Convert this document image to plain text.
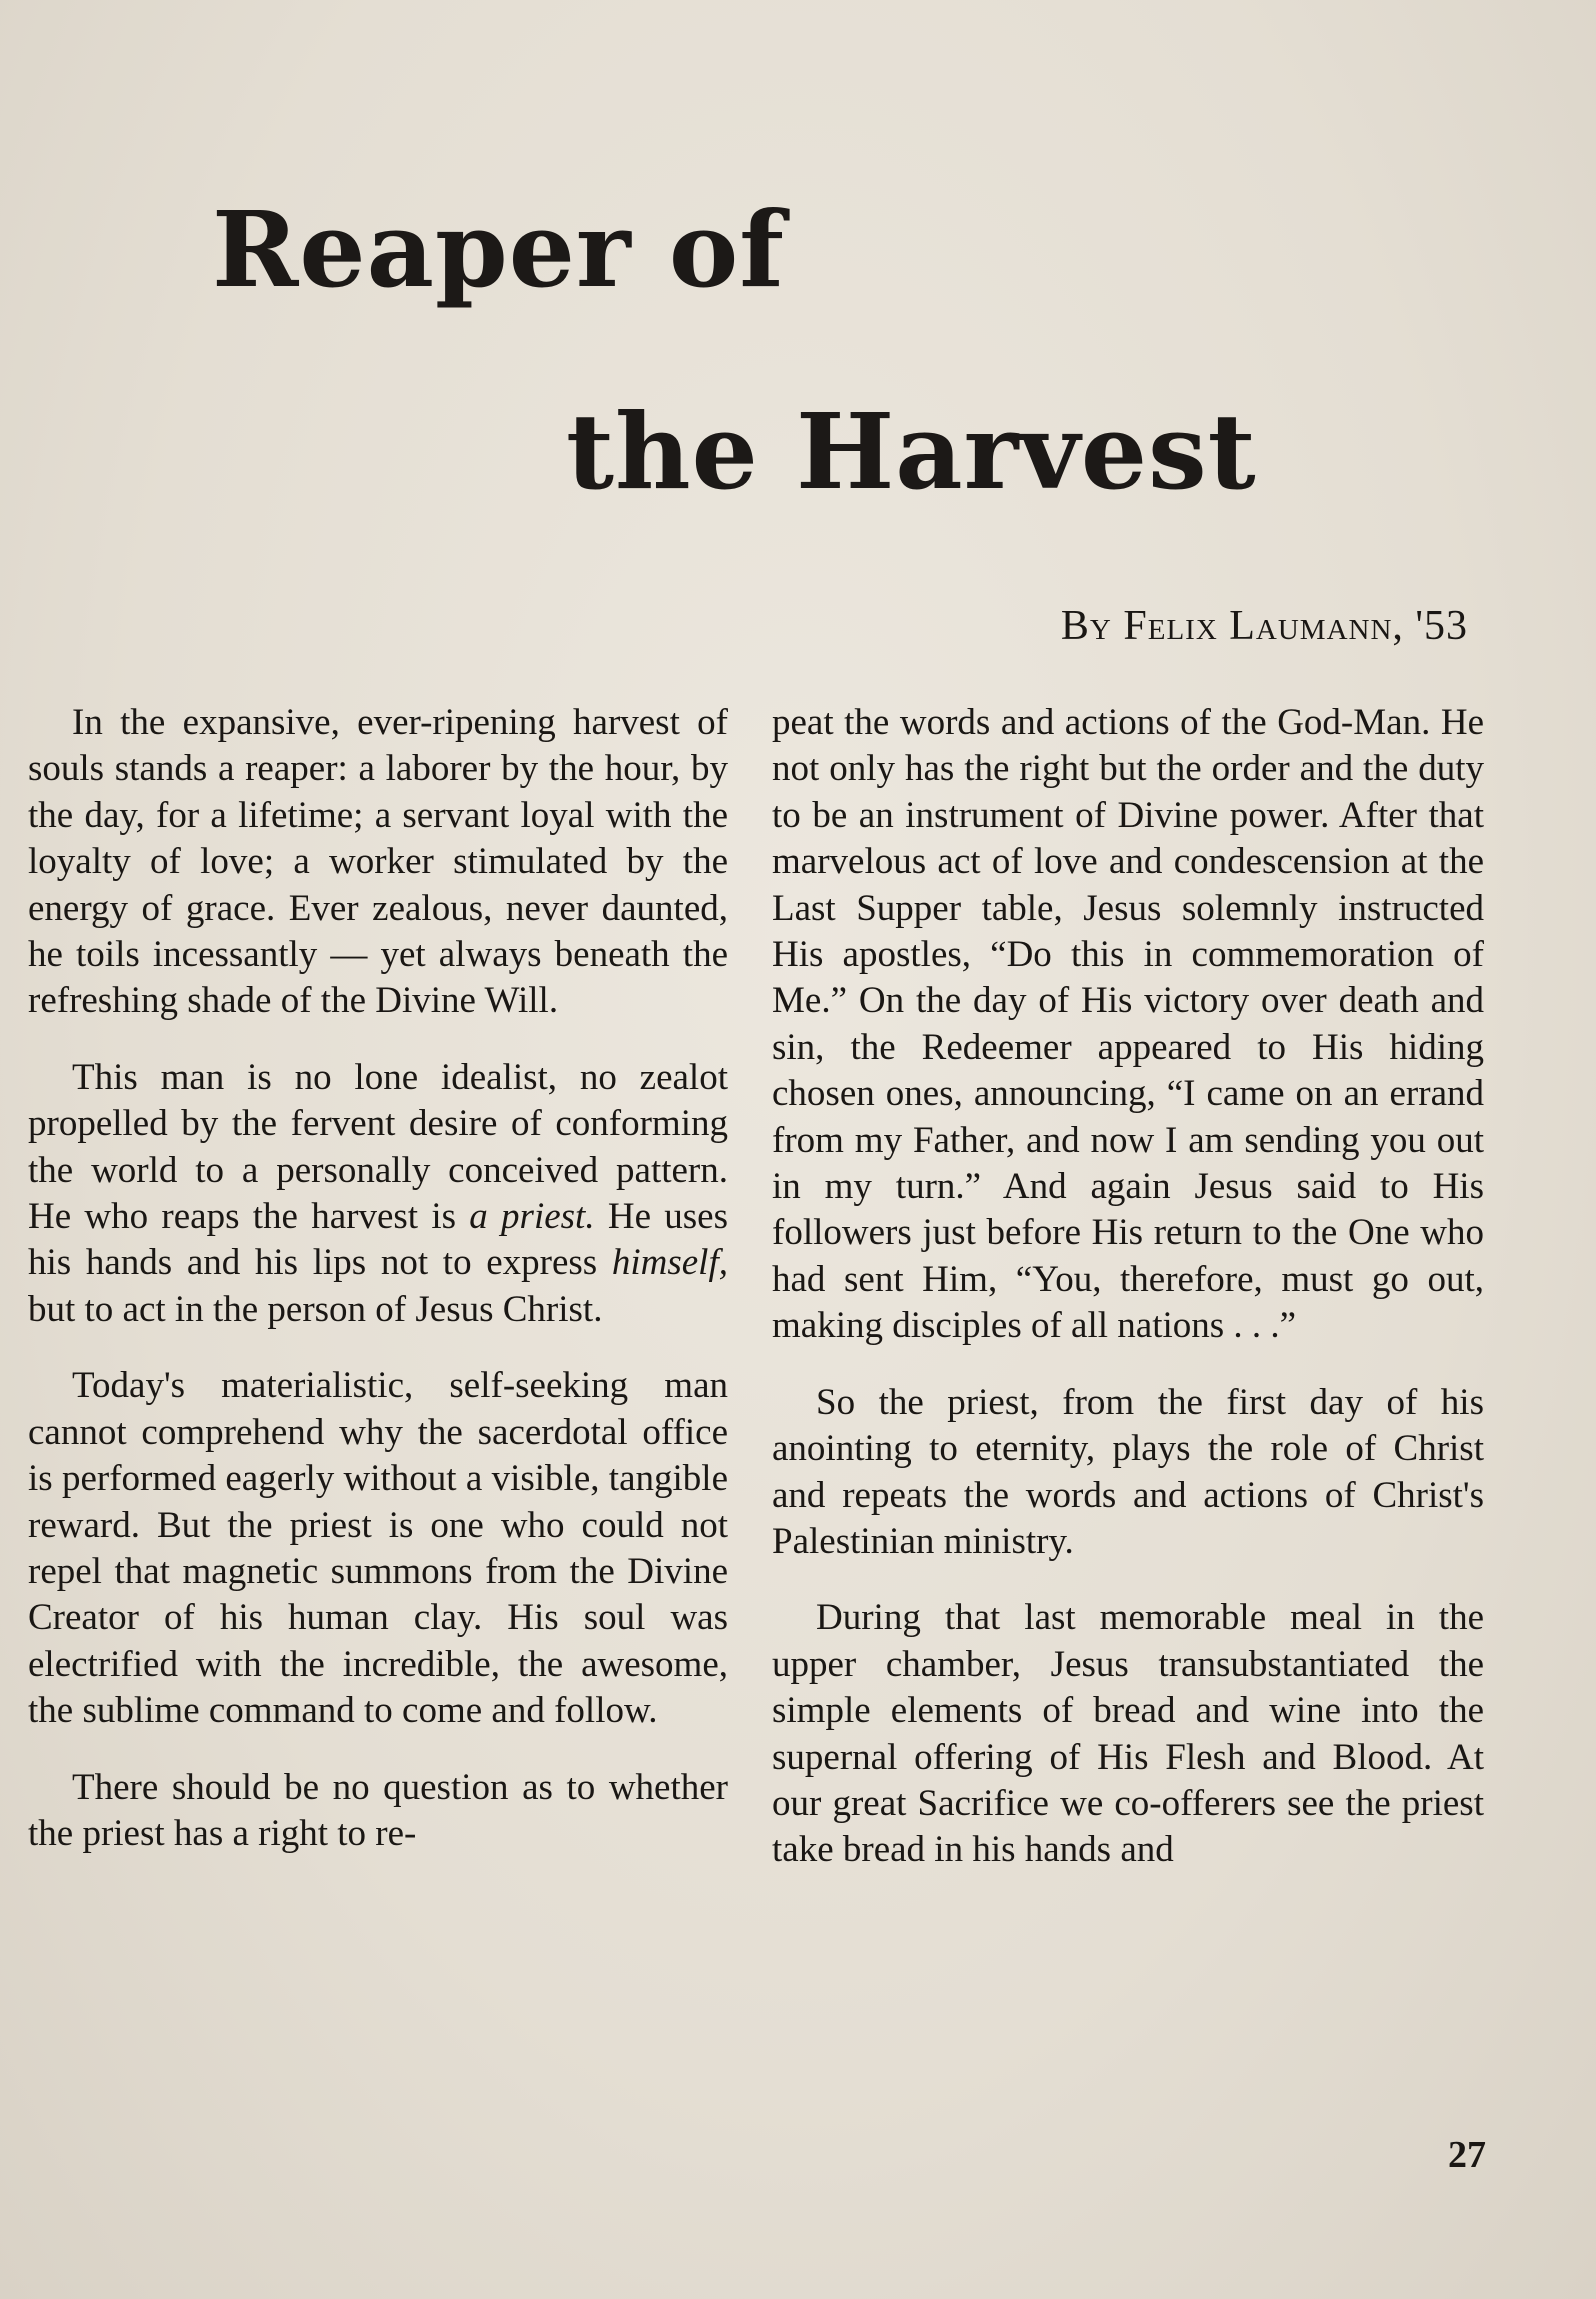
Reaper of
the Harvest
By Felix Laumann, '53

In the expansive, ever-ripening harvest of souls stands a reaper: a laborer by the hour, by the day, for a lifetime; a servant loyal with the loyalty of love; a worker stimulated by the energy of grace. Ever zealous, never daunted, he toils incessantly — yet always beneath the refreshing shade of the Divine Will.

This man is no lone idealist, no zealot propelled by the fervent desire of conforming the world to a personally conceived pattern. He who reaps the harvest is a priest. He uses his hands and his lips not to express himself, but to act in the person of Jesus Christ.

Today's materialistic, self-seeking man cannot comprehend why the sacerdotal office is performed eagerly without a visible, tangible reward. But the priest is one who could not repel that magnetic summons from the Divine Creator of his human clay. His soul was electrified with the incredible, the awesome, the sublime command to come and follow.

There should be no question as to whether the priest has a right to re-

peat the words and actions of the God-Man. He not only has the right but the order and the duty to be an instrument of Divine power. After that marvelous act of love and condescension at the Last Supper table, Jesus solemnly instructed His apostles, “Do this in commemoration of Me.” On the day of His victory over death and sin, the Redeemer appeared to His hiding chosen ones, announcing, “I came on an errand from my Father, and now I am sending you out in my turn.” And again Jesus said to His followers just before His return to the One who had sent Him, “You, therefore, must go out, making disciples of all nations . . .”

So the priest, from the first day of his anointing to eternity, plays the role of Christ and repeats the words and actions of Christ's Palestinian ministry.

During that last memorable meal in the upper chamber, Jesus transubstantiated the simple elements of bread and wine into the supernal offering of His Flesh and Blood. At our great Sacrifice we co-offerers see the priest take bread in his hands and

27
